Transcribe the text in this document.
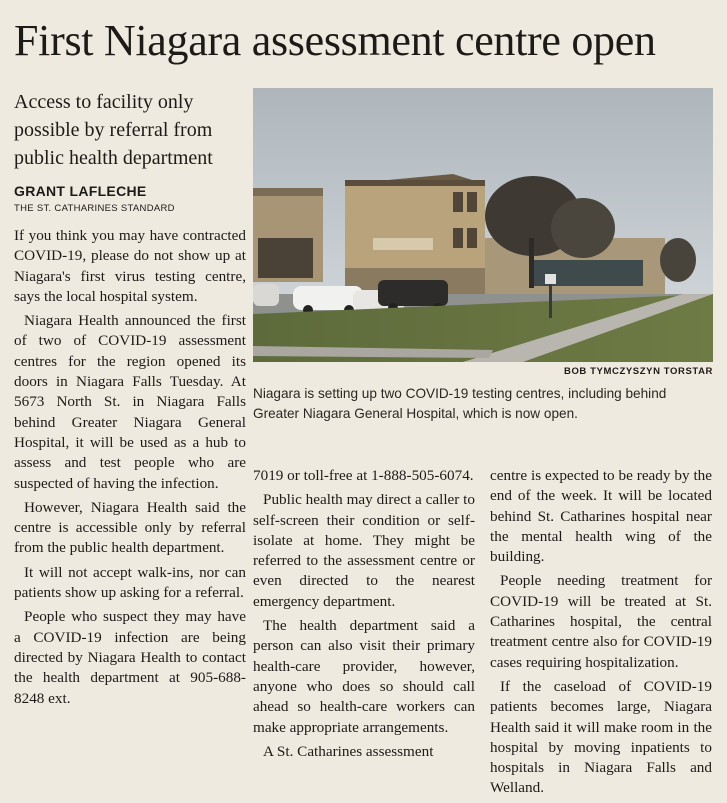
First Niagara assessment centre open
Access to facility only possible by referral from public health department
GRANT LAFLECHE
THE ST. CATHARINES STANDARD
BOB TYMCZYSZYN TORSTAR
Niagara is setting up two COVID-19 testing centres, including behind Greater Niagara General Hospital, which is now open.

If you think you may have contracted COVID-19, please do not show up at Niagara's first virus testing centre, says the local hospital system.

Niagara Health announced the first of two of COVID-19 assessment centres for the region opened its doors in Niagara Falls Tuesday. At 5673 North St. in Niagara Falls behind Greater Niagara General Hospital, it will be used as a hub to assess and test people who are suspected of having the infection.

However, Niagara Health said the centre is accessible only by referral from the public health department.

It will not accept walk-ins, nor can patients show up asking for a referral.

People who suspect they may have a COVID-19 infection are being directed by Niagara Health to contact the health department at 905-688-8248 ext.

7019 or toll-free at 1-888-505-6074.

Public health may direct a caller to self-screen their condition or self-isolate at home. They might be referred to the assessment centre or even directed to the nearest emergency department.

The health department said a person can also visit their primary health-care provider, however, anyone who does so should call ahead so health-care workers can make appropriate arrangements.

A St. Catharines assessment

centre is expected to be ready by the end of the week. It will be located behind St. Catharines hospital near the mental health wing of the building.

People needing treatment for COVID-19 will be treated at St. Catharines hospital, the central treatment centre also for COVID-19 cases requiring hospitalization.

If the caseload of COVID-19 patients becomes large, Niagara Health said it will make room in the hospital by moving inpatients to hospitals in Niagara Falls and Welland.
